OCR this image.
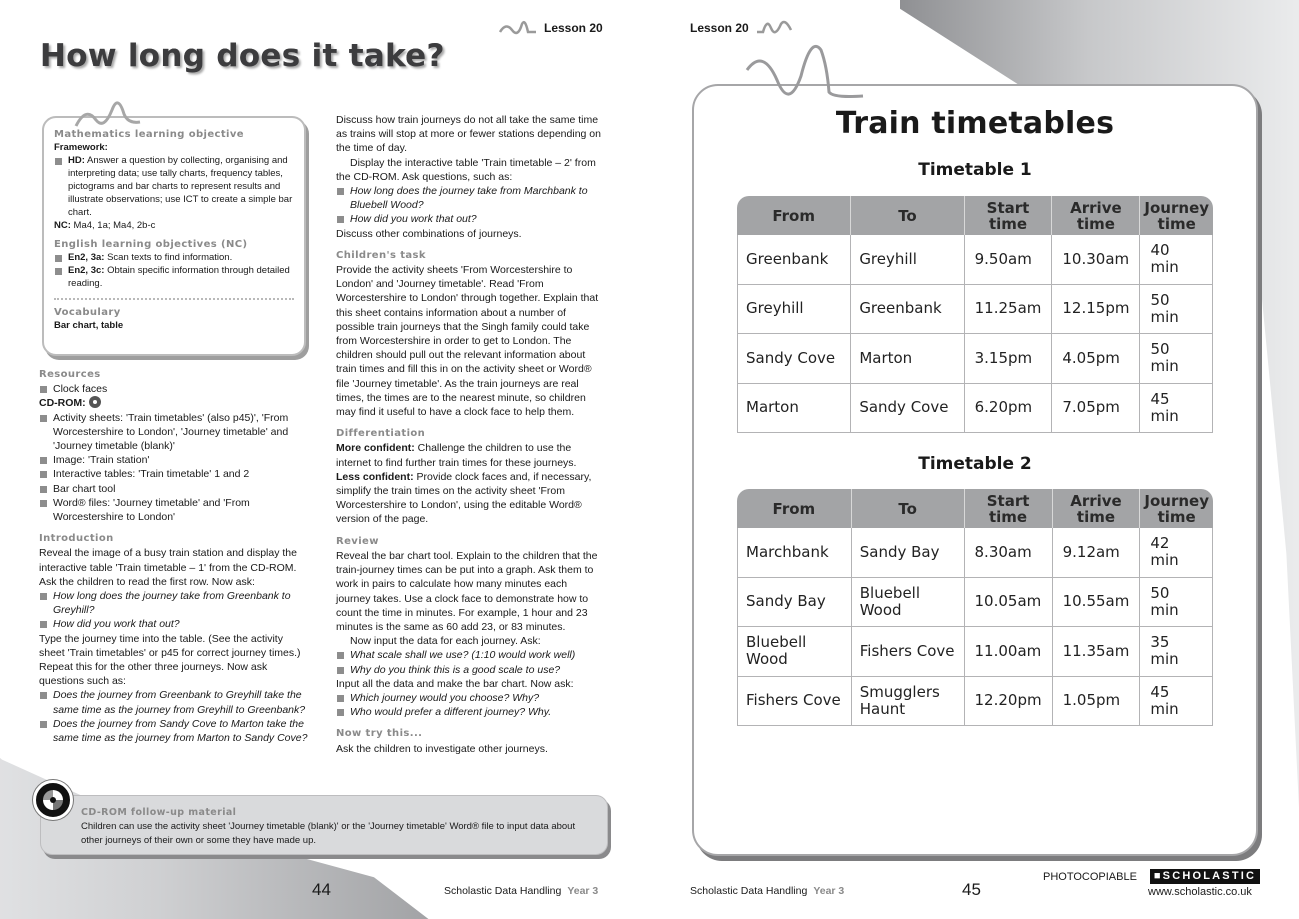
Lesson 20
How long does it take?
Mathematics learning objective
Framework:
HD: Answer a question by collecting, organising and interpreting data; use tally charts, frequency tables, pictograms and bar charts to represent results and illustrate observations; use ICT to create a simple bar chart.
NC: Ma4, 1a; Ma4, 2b-c
English learning objectives (NC)
En2, 3a: Scan texts to find information.
En2, 3c: Obtain specific information through detailed reading.
Vocabulary
Bar chart, table
Resources
Clock faces
CD-ROM:
Activity sheets: 'Train timetables' (also p45)', 'From Worcestershire to London', 'Journey timetable' and 'Journey timetable (blank)'
Image: 'Train station'
Interactive tables: 'Train timetable' 1 and 2
Bar chart tool
Word® files: 'Journey timetable' and 'From Worcestershire to London'
Introduction

Reveal the image of a busy train station and display the interactive table 'Train timetable – 1' from the CD-ROM. Ask the children to read the first row. Now ask:

How long does the journey take from Greenbank to Greyhill?
How did you work that out?

Type the journey time into the table. (See the activity sheet 'Train timetables' or p45 for correct journey times.) Repeat this for the other three journeys. Now ask questions such as:

Does the journey from Greenbank to Greyhill take the same time as the journey from Greyhill to Greenbank?
Does the journey from Sandy Cove to Marton take the same time as the journey from Marton to Sandy Cove?

Discuss how train journeys do not all take the same time as trains will stop at more or fewer stations depending on the time of day.

Display the interactive table 'Train timetable – 2' from the CD-ROM. Ask questions, such as:

How long does the journey take from Marchbank to Bluebell Wood?
How did you work that out?

Discuss other combinations of journeys.

Children's task

Provide the activity sheets 'From Worcestershire to London' and 'Journey timetable'. Read 'From Worcestershire to London' through together. Explain that this sheet contains information about a number of possible train journeys that the Singh family could take from Worcestershire in order to get to London. The children should pull out the relevant information about train times and fill this in on the activity sheet or Word® file 'Journey timetable'. As the train journeys are real times, the times are to the nearest minute, so children may find it useful to have a clock face to help them.

Differentiation

More confident: Challenge the children to use the internet to find further train times for these journeys.

Less confident: Provide clock faces and, if necessary, simplify the train times on the activity sheet 'From Worcestershire to London', using the editable Word® version of the page.

Review

Reveal the bar chart tool. Explain to the children that the train-journey times can be put into a graph. Ask them to work in pairs to calculate how many minutes each journey takes. Use a clock face to demonstrate how to count the time in minutes. For example, 1 hour and 23 minutes is the same as 60 add 23, or 83 minutes.

Now input the data for each journey. Ask:

What scale shall we use? (1:10 would work well)
Why do you think this is a good scale to use?

Input all the data and make the bar chart. Now ask:

Which journey would you choose? Why?
Who would prefer a different journey? Why.
Now try this...

Ask the children to investigate other journeys.

CD-ROM follow-up material
Children can use the activity sheet 'Journey timetable (blank)' or the 'Journey timetable' Word® file to input data about other journeys of their own or some they have made up.
44	Scholastic Data Handling Year 3
Lesson 20
Train timetables
Timetable 1
From	To	Start time	Arrive time	Journey time
Greenbank	Greyhill	9.50am	10.30am	40 min
Greyhill	Greenbank	11.25am	12.15pm	50 min
Sandy Cove	Marton	3.15pm	4.05pm	50 min
Marton	Sandy Cove	6.20pm	7.05pm	45 min
Timetable 2
From	To	Start time	Arrive time	Journey time
Marchbank	Sandy Bay	8.30am	9.12am	42 min
Sandy Bay	Bluebell Wood	10.05am	10.55am	50 min
Bluebell Wood	Fishers Cove	11.00am	11.35am	35 min
Fishers Cove	Smugglers Haunt	12.20pm	1.05pm	45 min
PHOTOCOPIABLE	■SCHOLASTIC
www.scholastic.co.uk
Scholastic Data Handling Year 3	45
